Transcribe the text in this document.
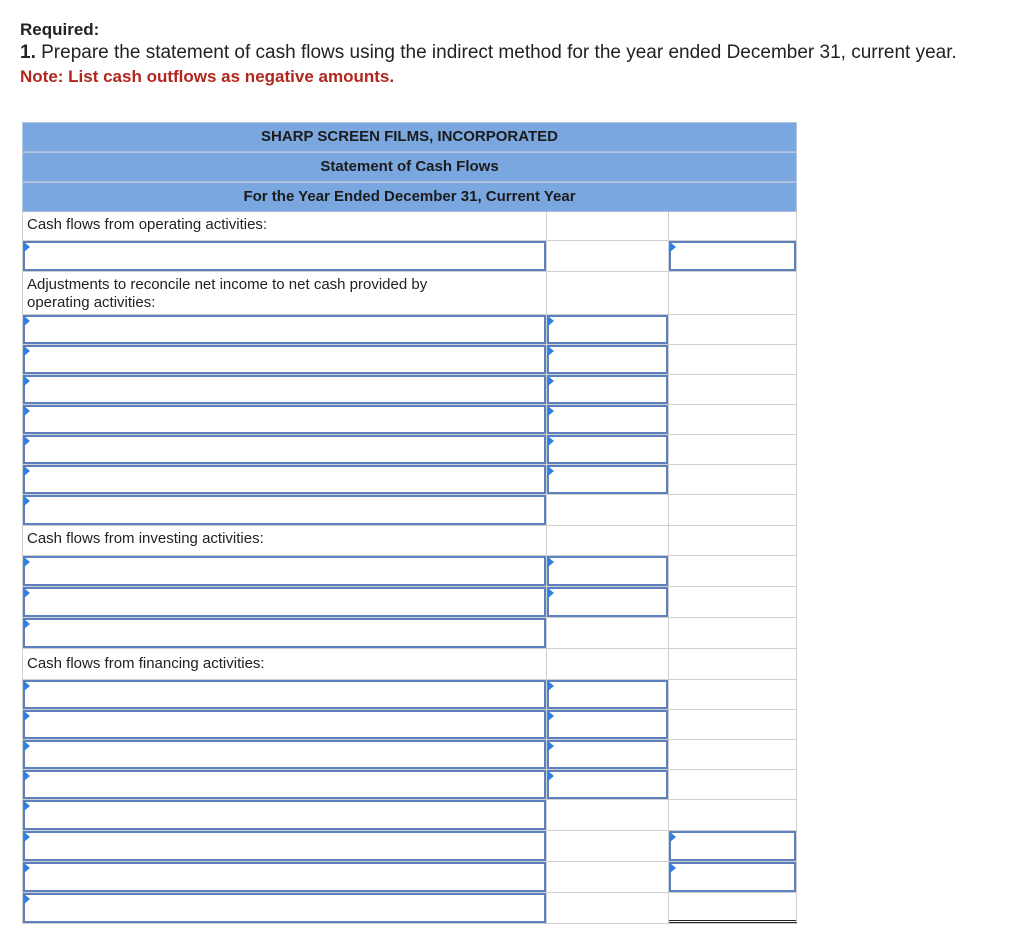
Required:
1. Prepare the statement of cash flows using the indirect method for the year ended December 31, current year.
Note: List cash outflows as negative amounts.
SHARP SCREEN FILMS, INCORPORATED
Statement of Cash Flows
For the Year Ended December 31, Current Year
Cash flows from operating activities:
Adjustments to reconcile net income to net cash provided by operating activities:
Cash flows from investing activities:
Cash flows from financing activities:
